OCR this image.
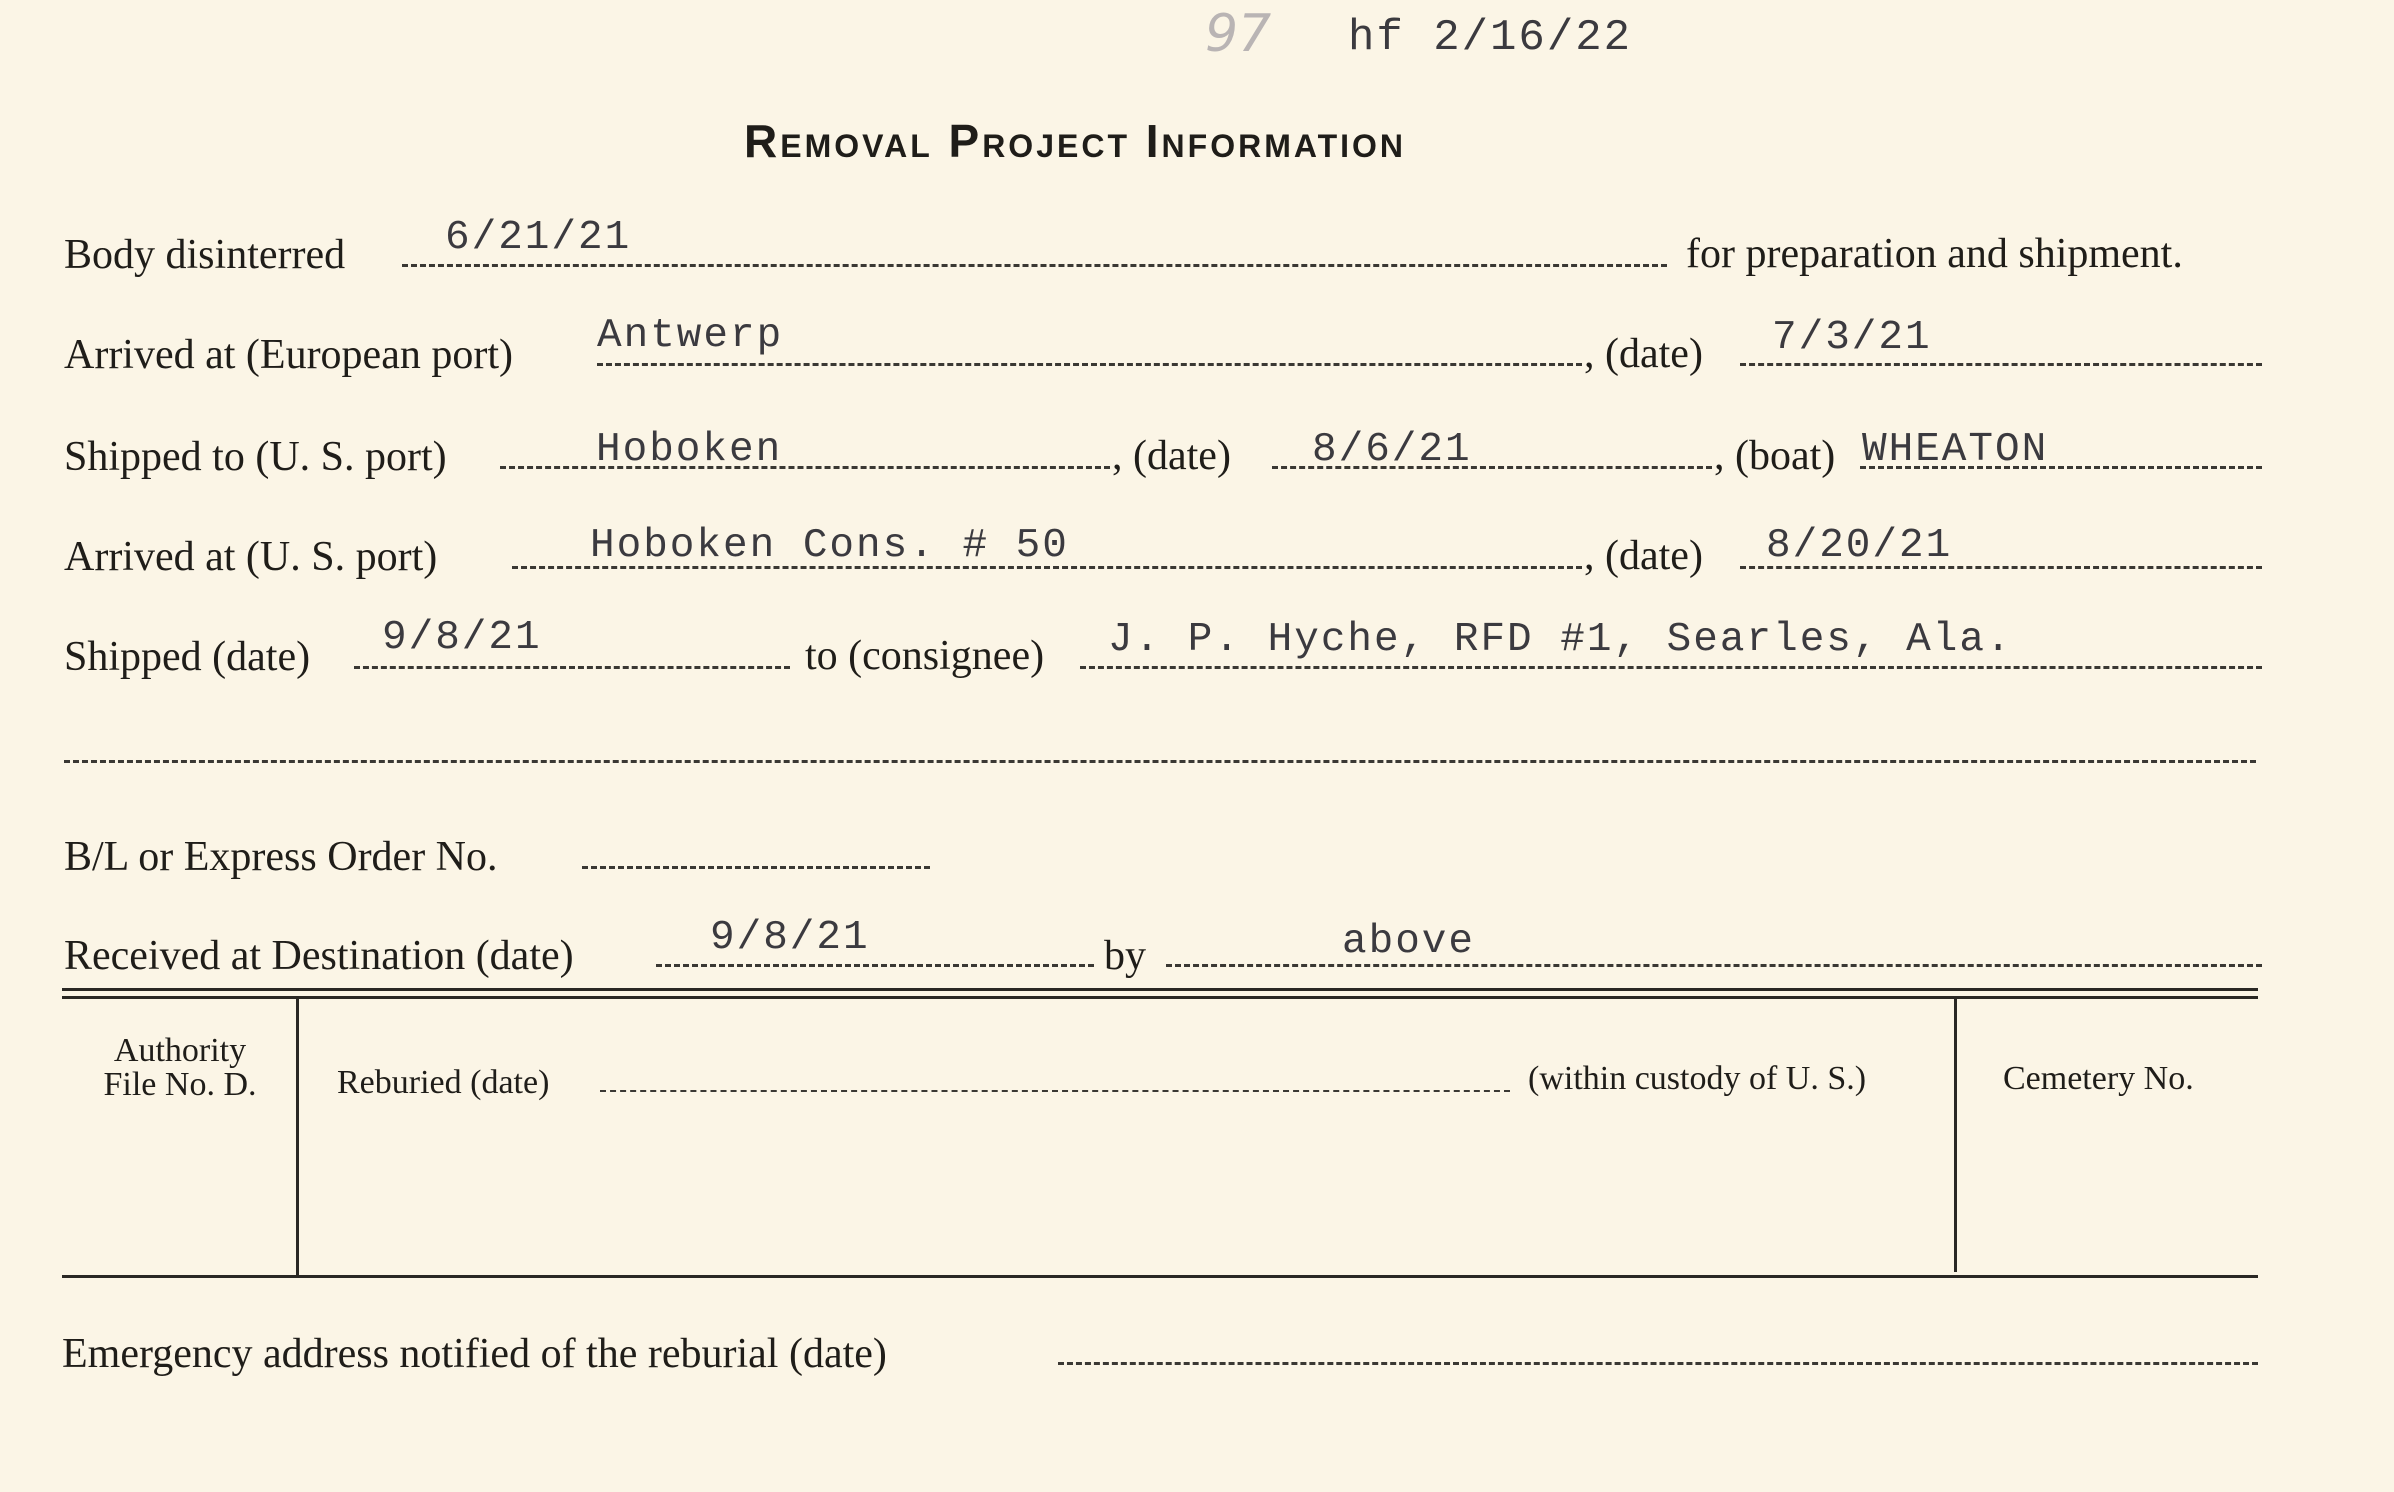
97 hf 2/16/22
Removal Project Information
Body disinterred 6/21/21	for preparation and shipment.
Arrived at (European port) Antwerp	, (date) 7/3/21
Shipped to (U. S. port)	Hoboken	, (date) 8/6/21	, (boat) WHEATON
Arrived at (U. S. port)	Hoboken Cons. # 50	, (date) 8/20/21
Shipped (date) 9/8/21	to (consignee) J. P. Hyche, RFD #1, Searles, Ala.
B/L or Express Order No.
Received at Destination (date)	9/8/21	by	above
Authority
File No. D.	Reburied (date)	(within custody of U. S.)	Cemetery No.
Emergency address notified of the reburial (date)
